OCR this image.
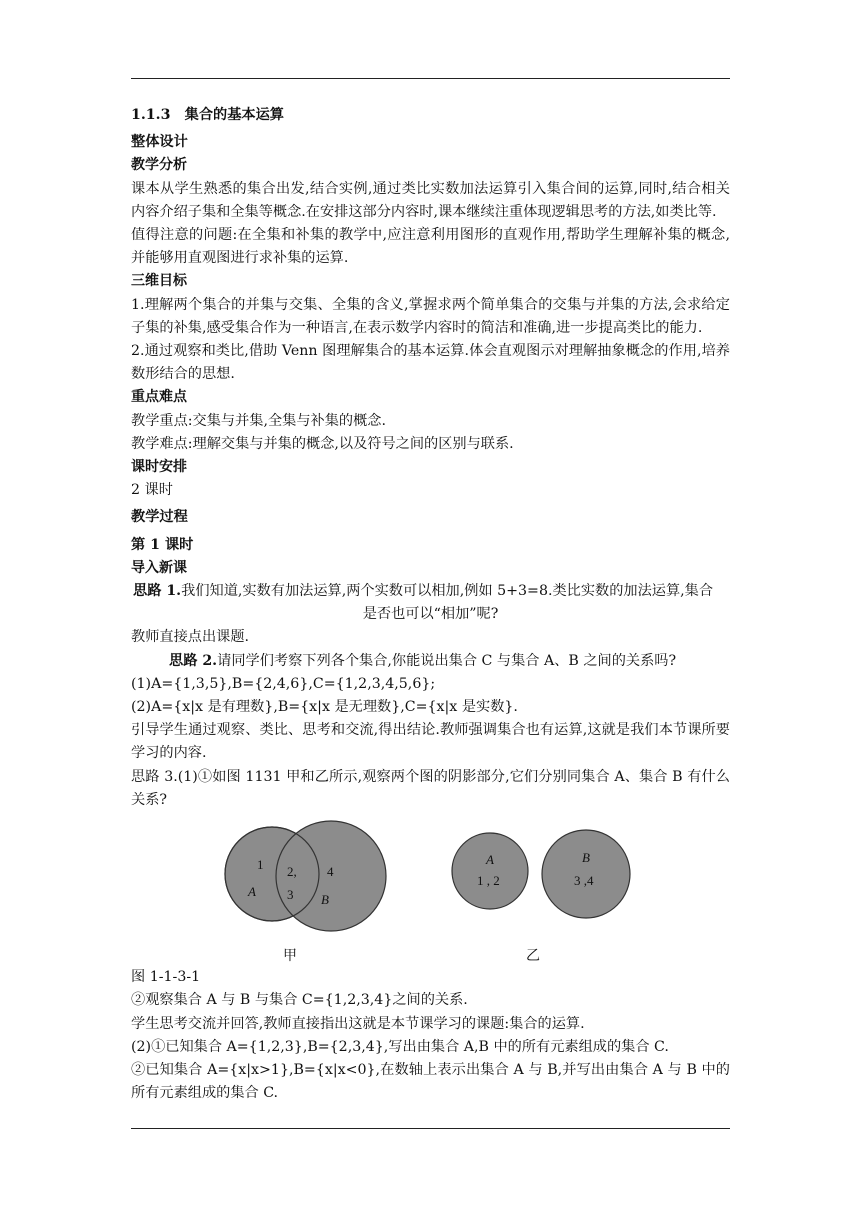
1.1.3　集合的基本运算

整体设计

教学分析

课本从学生熟悉的集合出发,结合实例,通过类比实数加法运算引入集合间的运算,同时,结合相关内容介绍子集和全集等概念.在安排这部分内容时,课本继续注重体现逻辑思考的方法,如类比等.

值得注意的问题:在全集和补集的教学中,应注意利用图形的直观作用,帮助学生理解补集的概念,并能够用直观图进行求补集的运算.

三维目标

1.理解两个集合的并集与交集、全集的含义,掌握求两个简单集合的交集与并集的方法,会求给定子集的补集,感受集合作为一种语言,在表示数学内容时的简洁和准确,进一步提高类比的能力.

2.通过观察和类比,借助 Venn 图理解集合的基本运算.体会直观图示对理解抽象概念的作用,培养数形结合的思想.

重点难点

教学重点:交集与并集,全集与补集的概念.

教学难点:理解交集与并集的概念,以及符号之间的区别与联系.

课时安排

2 课时

教学过程

第 1 课时

导入新课

思路 1.我们知道,实数有加法运算,两个实数可以相加,例如 5+3=8.类比实数的加法运算,集合

是否也可以“相加”呢?

教师直接点出课题.

思路 2.请同学们考察下列各个集合,你能说出集合 C 与集合 A、B 之间的关系吗?

(1)A={1,3,5},B={2,4,6},C={1,2,3,4,5,6};

(2)A={x|x 是有理数},B={x|x 是无理数},C={x|x 是实数}.

引导学生通过观察、类比、思考和交流,得出结论.教师强调集合也有运算,这就是我们本节课所要学习的内容.

思路 3.(1)①如图 1131 甲和乙所示,观察两个图的阴影部分,它们分别同集合 A、集合 B 有什么关系?

1
A
2,
3
4
B
A
1 , 2
B
3 ,4
甲	乙

图 1-1-3-1

②观察集合 A 与 B 与集合 C={1,2,3,4}之间的关系.

学生思考交流并回答,教师直接指出这就是本节课学习的课题:集合的运算.

(2)①已知集合 A={1,2,3},B={2,3,4},写出由集合 A,B 中的所有元素组成的集合 C.

②已知集合 A={x|x>1},B={x|x<0},在数轴上表示出集合 A 与 B,并写出由集合 A 与 B 中的所有元素组成的集合 C.
